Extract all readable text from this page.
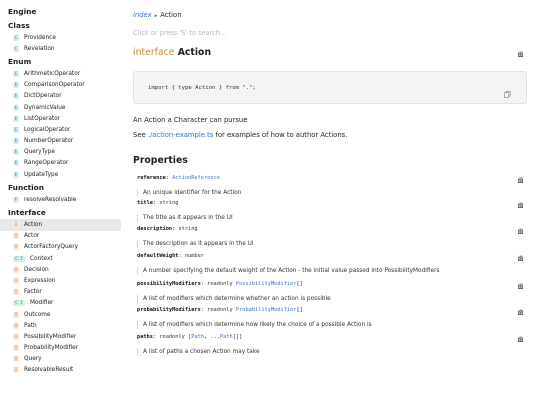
Engine
Class
C Providence
C Revelation
Enum
E ArithmeticOperator
E ComparisonOperator
E DictOperator
E DynamicValue
E ListOperator
E LogicalOperator
E NumberOperator
E QueryType
E RangeOperator
E UpdateType
Function
F resolveResolvable
Interface
I Action
I Actor
I ActorFactoryQuery
C I	Context
I Decision
I Expression
I Factor
C I	Modifier
I Outcome
I Path
I PossibilityModifier
I ProbabilityModifier
I Query
I ResolvableResult
index ▸ Action
Click or press 'S' to search...
interface Action
import { type Action } from ".";

An Action a Character can pursue

See ./action-example.ts for examples of how to author Actions.

Properties
reference: ActionReference
An unique identifier for the Action
title: string
The title as it appears in the UI
description: string
The description as it appears in the UI
defaultWeight: number
A number specifying the default weight of the Action - the initial value passed into PossibilityModifiers
possibilityModifiers: readonly PossibilityModifier[]
A list of modifiers which determine whether an action is possible
probabilityModifiers: readonly ProbabilityModifier[]
A list of modifiers which determine how likely the choice of a possible Action is
paths: readonly [Path, ...Path[]]
A list of paths a chosen Action may take
